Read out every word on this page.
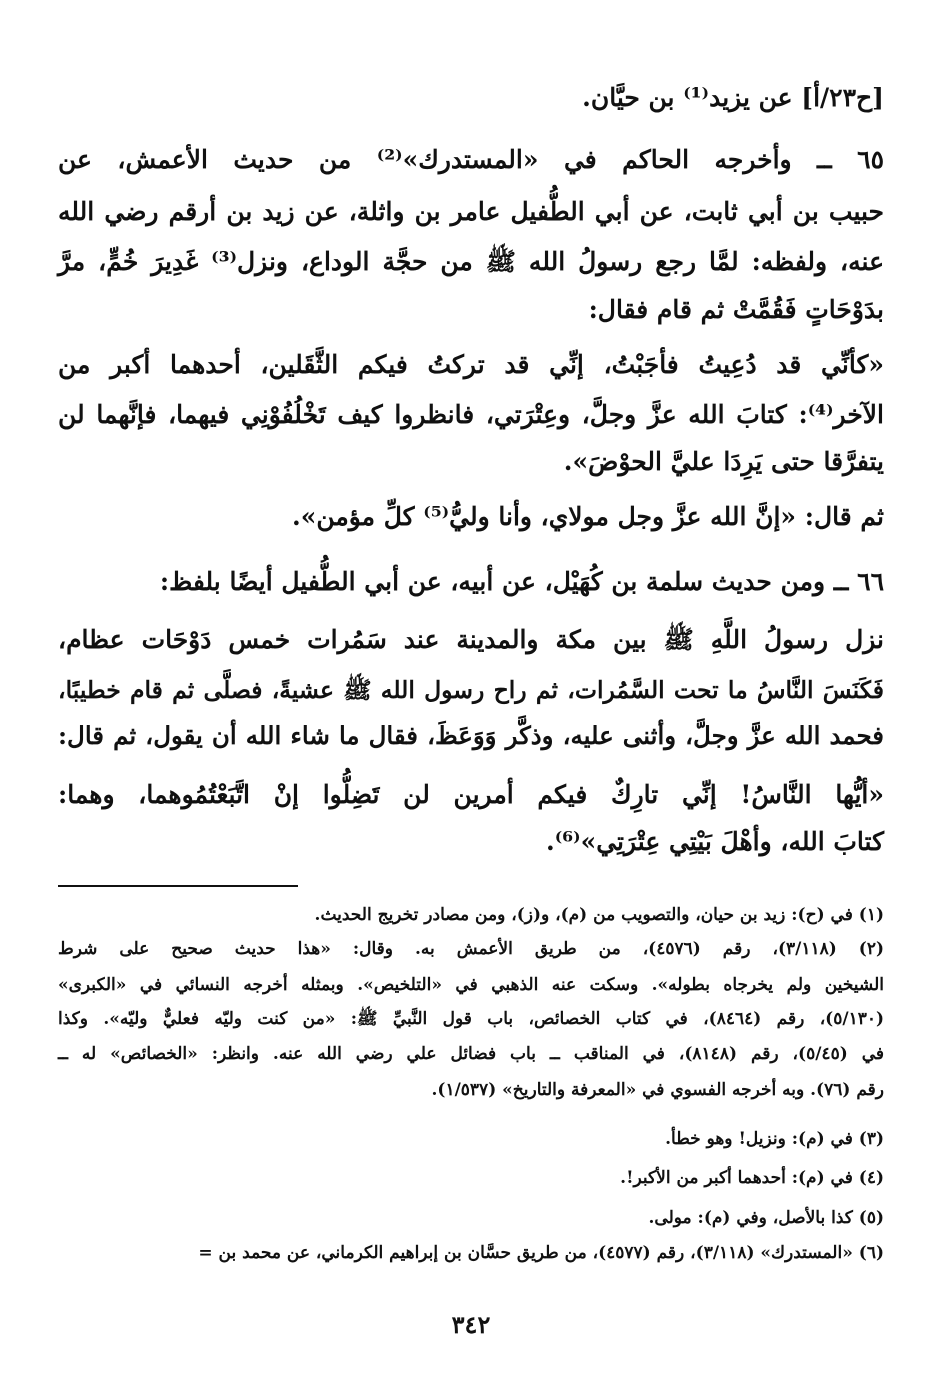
[ح٢٣/أ] عن يزيد⁽¹⁾ بن حيَّان.
٦٥ ــ وأخرجه الحاكم في «المستدرك»⁽²⁾ من حديث الأعمش، عن
حبيب بن أبي ثابت، عن أبي الطُّفيل عامر بن واثلة، عن زيد بن أرقم رضي الله
عنه، ولفظه: لمَّا رجع رسولُ الله ﷺ من حجَّة الوداع، ونزل⁽³⁾ غَدِيرَ خُمٍّ، مرَّ
بدَوْحَاتٍ فَقُمَّتْ ثم قام فقال:
«كأنِّي قد دُعِيتُ فأجَبْتُ، إنِّي قد تركتُ فيكم الثَّقَلين، أحدهما أكبر من
الآخر⁽⁴⁾: كتابَ الله عزَّ وجلَّ، وعِتْرَتي، فانظروا كيف تَخْلُفُوْنِي فيهما، فإنَّهما لن
يتفرَّقا حتى يَرِدَا عليَّ الحوْضَ».
ثم قال: «إنَّ الله عزَّ وجل مولاي، وأنا وليُّ⁽⁵⁾ كلِّ مؤمن».
٦٦ ــ ومن حديث سلمة بن كُهَيْل، عن أبيه، عن أبي الطُّفيل أيضًا بلفظ:
نزل رسولُ اللَّهِ ﷺ بين مكة والمدينة عند سَمُرات خمس دَوْحَات عظام،
فَكَنَسَ النَّاسُ ما تحت السَّمُرات، ثم راح رسول الله ﷺ عشيةً، فصلَّى ثم قام خطيبًا،
فحمد الله عزَّ وجلَّ، وأثنى عليه، وذكَّر وَوَعَظَ، فقال ما شاء الله أن يقول، ثم قال:
«أيُّها النَّاسُ! إنِّي تارِكٌ فيكم أمرين لن تَضِلُّوا إنْ اتَّبَعْتُمُوهما، وهما:
كتابَ الله، وأهْلَ بَيْتِي عِتْرَتِي»⁽⁶⁾.
(١) في (ح): زيد بن حيان، والتصويب من (م)، و(ز)، ومن مصادر تخريج الحديث.
(٢) (٣/١١٨)، رقم (٤٥٧٦)، من طريق الأعمش به. وقال: «هذا حديث صحيح على شرط
الشيخين ولم يخرجاه بطوله». وسكت عنه الذهبي في «التلخيص». وبمثله أخرجه النسائي في «الكبرى»
(٥/١٣٠)، رقم (٨٤٦٤)، في كتاب الخصائص، باب قول النَّبيِّ ﷺ: «من كنت وليّه فعليٌّ وليّه». وكذا
في (٥/٤٥)، رقم (٨١٤٨)، في المناقب ــ باب فضائل علي رضي الله عنه. وانظر: «الخصائص» له ــ
رقم (٧٦). وبه أخرجه الفسوي في «المعرفة والتاريخ» (١/٥٣٧).
(٣) في (م): ونزيل! وهو خطأ.
(٤) في (م): أحدهما أكبر من الأكبر!.
(٥) كذا بالأصل، وفي (م): مولى.
(٦) «المستدرك» (٣/١١٨)، رقم (٤٥٧٧)، من طريق حسَّان بن إبراهيم الكرماني، عن محمد بن =
٣٤٢
